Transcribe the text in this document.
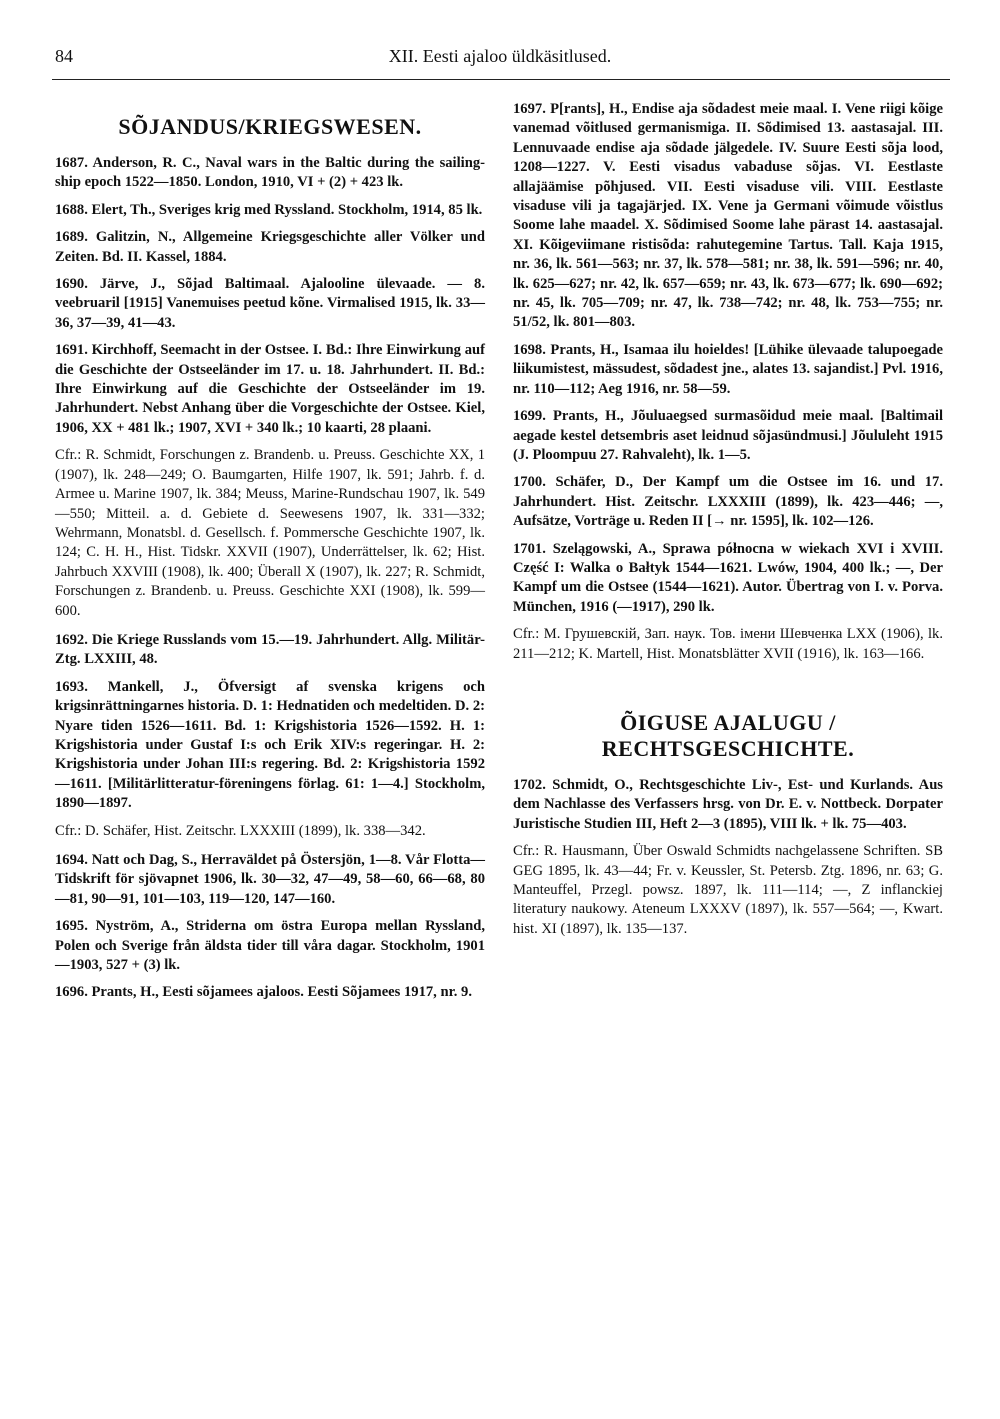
84	XII. Eesti ajaloo üldkäsitlused.
SÕJANDUS/KRIEGSWESEN.

1687. Anderson, R. C., Naval wars in the Baltic during the sailing-ship epoch 1522—1850. London, 1910, VI + (2) + 423 lk.

1688. Elert, Th., Sveriges krig med Ryssland. Stockholm, 1914, 85 lk.

1689. Galitzin, N., Allgemeine Kriegsgeschichte aller Völker und Zeiten. Bd. II. Kassel, 1884.

1690. Järve, J., Sõjad Baltimaal. Ajalooline ülevaade. — 8. veebruaril [1915] Vanemuises peetud kõne. Virmalised 1915, lk. 33—36, 37—39, 41—43.

1691. Kirchhoff, Seemacht in der Ostsee. I. Bd.: Ihre Einwirkung auf die Geschichte der Ostseeländer im 17. u. 18. Jahrhundert. II. Bd.: Ihre Einwirkung auf die Geschichte der Ostseeländer im 19. Jahrhundert. Nebst Anhang über die Vorgeschichte der Ostsee. Kiel, 1906, XX + 481 lk.; 1907, XVI + 340 lk.; 10 kaarti, 28 plaani.

Cfr.: R. Schmidt, Forschungen z. Brandenb. u. Preuss. Geschichte XX, 1 (1907), lk. 248—249; O. Baumgarten, Hilfe 1907, lk. 591; Jahrb. f. d. Armee u. Marine 1907, lk. 384; Meuss, Marine-Rundschau 1907, lk. 549—550; Mitteil. a. d. Gebiete d. Seewesens 1907, lk. 331—332; Wehrmann, Monatsbl. d. Gesellsch. f. Pommersche Geschichte 1907, lk. 124; C. H. H., Hist. Tidskr. XXVII (1907), Underrättelser, lk. 62; Hist. Jahrbuch XXVIII (1908), lk. 400; Überall X (1907), lk. 227; R. Schmidt, Forschungen z. Brandenb. u. Preuss. Geschichte XXI (1908), lk. 599—600.

1692. Die Kriege Russlands vom 15.—19. Jahrhundert. Allg. Militär-Ztg. LXXIII, 48.

1693. Mankell, J., Öfversigt af svenska krigens och krigsinrättningarnes historia. D. 1: Hednatiden och medeltiden. D. 2: Nyare tiden 1526—1611. Bd. 1: Krigshistoria 1526—1592. H. 1: Krigshistoria under Gustaf I:s och Erik XIV:s regeringar. H. 2: Krigshistoria under Johan III:s regering. Bd. 2: Krigshistoria 1592—1611. [Militärlitteratur-föreningens förlag. 61: 1—4.] Stockholm, 1890—1897.

Cfr.: D. Schäfer, Hist. Zeitschr. LXXXIII (1899), lk. 338—342.

1694. Natt och Dag, S., Herraväldet på Östersjön, 1—8. Vår Flotta—Tidskrift för sjövapnet 1906, lk. 30—32, 47—49, 58—60, 66—68, 80—81, 90—91, 101—103, 119—120, 147—160.

1695. Nyström, A., Striderna om östra Europa mellan Ryssland, Polen och Sverige från äldsta tider till våra dagar. Stockholm, 1901—1903, 527 + (3) lk.

1696. Prants, H., Eesti sõjamees ajaloos. Eesti Sõjamees 1917, nr. 9.

1697. P[rants], H., Endise aja sõdadest meie maal. I. Vene riigi kõige vanemad võitlused germanismiga. II. Sõdimised 13. aastasajal. III. Lennuvaade endise aja sõdade jälgedele. IV. Suure Eesti sõja lood, 1208—1227. V. Eesti visadus vabaduse sõjas. VI. Eestlaste allajäämise põhjused. VII. Eesti visaduse vili. VIII. Eestlaste visaduse vili ja tagajärjed. IX. Vene ja Germani võimude võistlus Soome lahe maadel. X. Sõdimised Soome lahe pärast 14. aastasajal. XI. Kõigeviimane ristisõda: rahutegemine Tartus. Tall. Kaja 1915, nr. 36, lk. 561—563; nr. 37, lk. 578—581; nr. 38, lk. 591—596; nr. 40, lk. 625—627; nr. 42, lk. 657—659; nr. 43, lk. 673—677; lk. 690—692; nr. 45, lk. 705—709; nr. 47, lk. 738—742; nr. 48, lk. 753—755; nr. 51/52, lk. 801—803.

1698. Prants, H., Isamaa ilu hoieldes! [Lühike ülevaade talupoegade liikumistest, mässudest, sõdadest jne., alates 13. sajandist.] Pvl. 1916, nr. 110—112; Aeg 1916, nr. 58—59.

1699. Prants, H., Jõuluaegsed surmasõidud meie maal. [Baltimail aegade kestel detsembris aset leidnud sõjasündmusi.] Jõululeht 1915 (J. Ploompuu 27. Rahvaleht), lk. 1—5.

1700. Schäfer, D., Der Kampf um die Ostsee im 16. und 17. Jahrhundert. Hist. Zeitschr. LXXXIII (1899), lk. 423—446; —, Aufsätze, Vorträge u. Reden II [→ nr. 1595], lk. 102—126.

1701. Szelągowski, A., Sprawa północna w wiekach XVI i XVIII. Część I: Walka o Bałtyk 1544—1621. Lwów, 1904, 400 lk.; —, Der Kampf um die Ostsee (1544—1621). Autor. Übertrag von I. v. Porva. München, 1916 (—1917), 290 lk.

Cfr.: M. Грушевскiй, Зап. наук. Тов. iмени Шевченка LXX (1906), lk. 211—212; K. Martell, Hist. Monatsblätter XVII (1916), lk. 163—166.

ÕIGUSE AJALUGU / RECHTSGESCHICHTE.

1702. Schmidt, O., Rechtsgeschichte Liv-, Est- und Kurlands. Aus dem Nachlasse des Verfassers hrsg. von Dr. E. v. Nottbeck. Dorpater Juristische Studien III, Heft 2—3 (1895), VIII lk. + lk. 75—403.

Cfr.: R. Hausmann, Über Oswald Schmidts nachgelassene Schriften. SB GEG 1895, lk. 43—44; Fr. v. Keussler, St. Petersb. Ztg. 1896, nr. 63; G. Manteuffel, Przegl. powsz. 1897, lk. 111—114; —, Z inflanckiej literatury naukowy. Ateneum LXXXV (1897), lk. 557—564; —, Kwart. hist. XI (1897), lk. 135—137.
